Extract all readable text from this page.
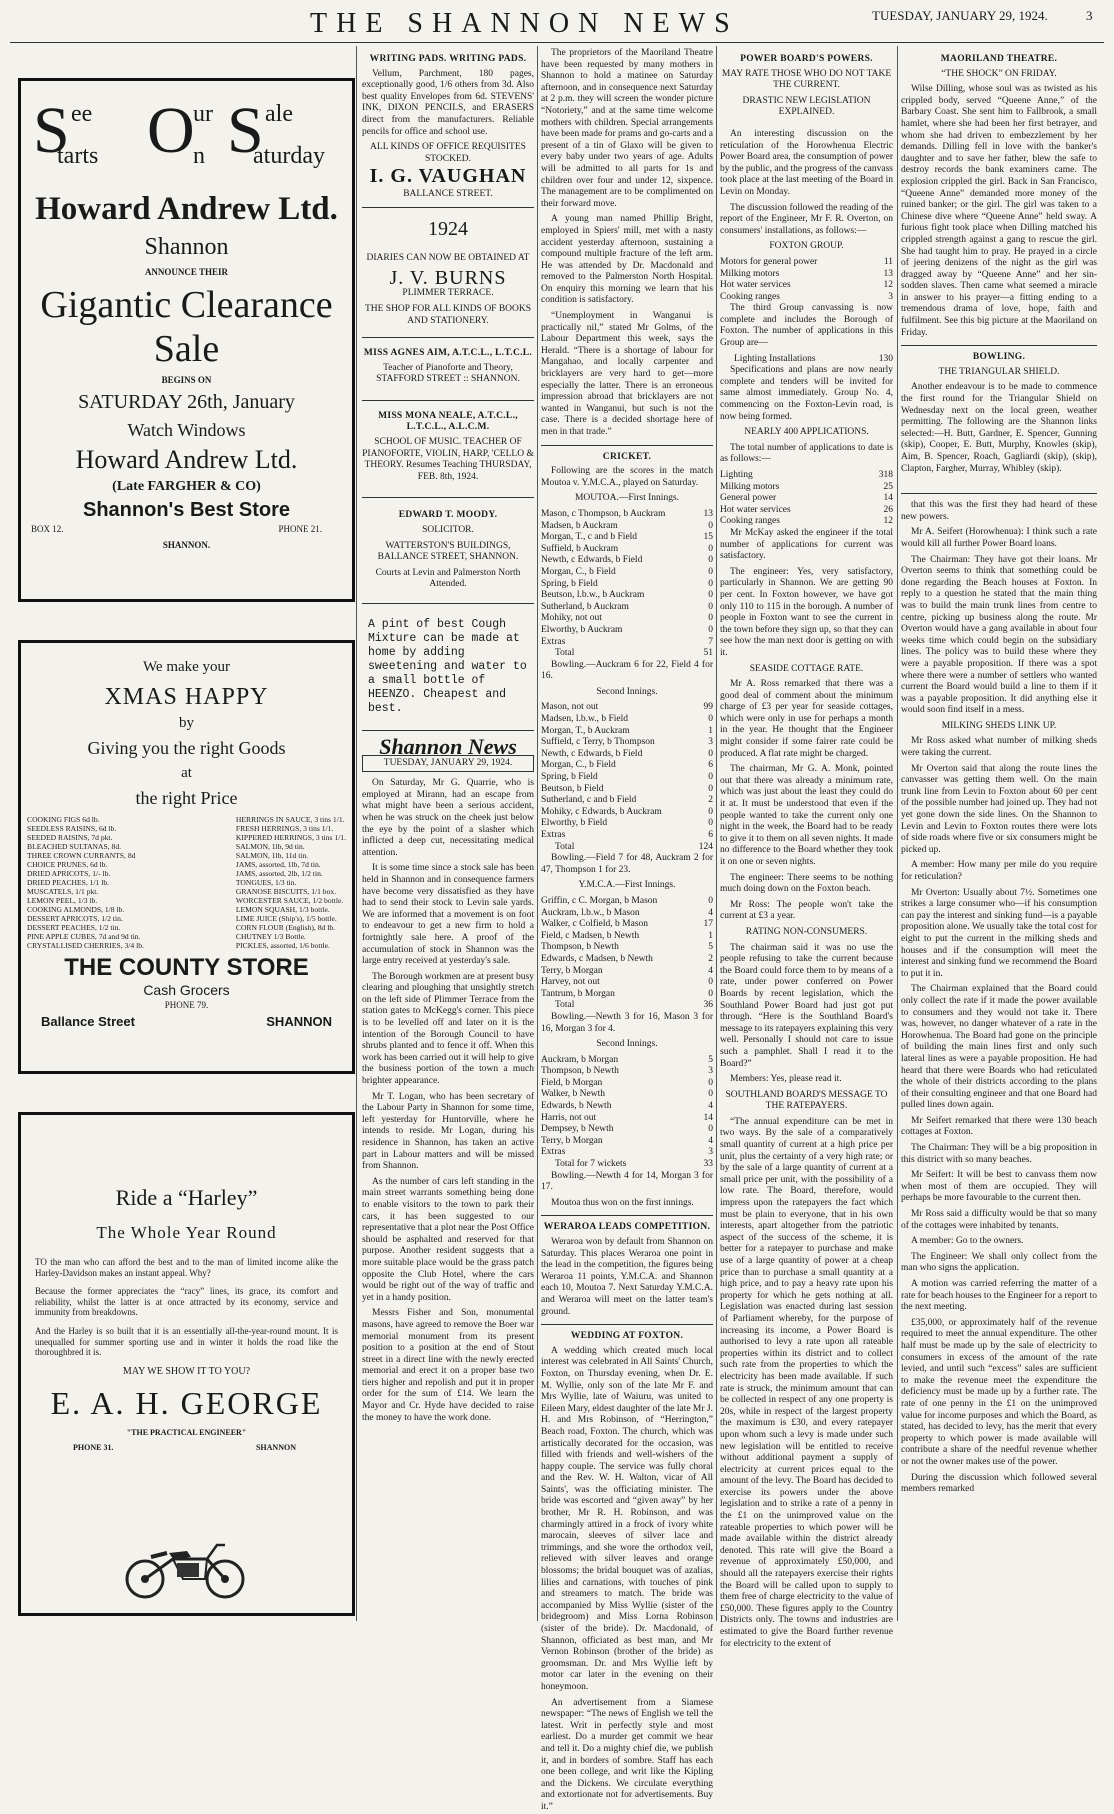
THE SHANNON NEWS	TUESDAY, JANUARY 29, 1924.	3
S ee
tarts O
ur
n S ale
aturday
Howard Andrew Ltd.
Shannon
ANNOUNCE THEIR
Gigantic Clearance
Sale
BEGINS ON
SATURDAY 26th, January
Watch Windows
Howard Andrew Ltd.
(Late FARGHER & CO)
Shannon's Best Store
BOX 12.	PHONE 21.
SHANNON.
We make your
XMAS HAPPY
by
Giving you the right Goods
at
the right Price
COOKING FIGS 6d lb.
SEEDLESS RAISINS, 6d lb.
SEEDED RAISINS, 7d pkt.
BLEACHED SULTANAS, 8d.
THREE CROWN CURRANTS, 8d
CHOICE PRUNES, 6d lb.
DRIED APRICOTS, 1/- lb.
DRIED PEACHES, 1/1 lb.
MUSCATELS, 1/1 pkt.
LEMON PEEL, 1/3 lb.
COOKING ALMONDS, 1/8 lb.
DESSERT APRICOTS, 1/2 tin.
DESSERT PEACHES, 1/2 tin.
PINE APPLE CUBES, 7d and 9d tin.
CRYSTALLISED CHERRIES, 3/4 lb.
HERRINGS IN SAUCE, 3 tins 1/1.
FRESH HERRINGS, 3 tins 1/1.
KIPPERED HERRINGS, 3 tins 1/1.
SALMON, 1lb, 9d tin.
SALMON, 1lb, 11d tin.
JAMS, assorted, 1lb, 7d tin.
JAMS, assorted, 2lb, 1/2 tin.
TONGUES, 1/3 tin.
GRANOSE BISCUITS, 1/1 box.
WORCESTER SAUCE, 1/2 bottle.
LEMON SQUASH, 1/3 bottle.
LIME JUICE (Ship's), 1/5 bottle.
CORN FLOUR (English), 8d lb.
CHUTNEY 1/3 Bottle.
PICKLES, assorted, 1/6 bottle.
THE COUNTY STORE
Cash Grocers
PHONE 79.
Ballance Street	SHANNON
Ride a “Harley”
The Whole Year Round

TO the man who can afford the best and to the man of limited income alike the Harley-Davidson makes an instant appeal. Why?

Because the former appreciates the “racy” lines, its grace, its comfort and reliability, whilst the latter is at once attracted by its economy, service and immunity from breakdowns.

And the Harley is so built that it is an essentially all-the-year-round mount. It is unequalled for summer sporting use and in winter it holds the road like the thoroughbred it is.

MAY WE SHOW IT TO YOU?
E. A. H. GEORGE
"THE PRACTICAL ENGINEER"
PHONE 31.	SHANNON
WRITING PADS. WRITING PADS.

Vellum, Parchment, 180 pages, exceptionally good, 1/6 others from 3d. Also best quality Envelopes from 6d. STEVENS' INK, DIXON PENCILS, and ERASERS direct from the manufacturers. Reliable pencils for office and school use.

ALL KINDS OF OFFICE REQUISITES STOCKED.
I. G. VAUGHAN
BALLANCE STREET.
1924
DIARIES CAN NOW BE OBTAINED AT
J. V. BURNS
PLIMMER TERRACE.
THE SHOP FOR ALL KINDS OF BOOKS AND STATIONERY.
MISS AGNES AIM, A.T.C.L., L.T.C.L.
Teacher of Pianoforte and Theory, STAFFORD STREET :: SHANNON.
MISS MONA NEALE, A.T.C.L., L.T.C.L., A.L.C.M.
SCHOOL OF MUSIC. TEACHER OF PIANOFORTE, VIOLIN, HARP, 'CELLO & THEORY. Resumes Teaching THURSDAY, FEB. 8th, 1924.
EDWARD T. MOODY.
SOLICITOR.
WATTERSTON'S BUILDINGS, BALLANCE STREET, SHANNON.
Courts at Levin and Palmerston North Attended.
A pint of best Cough Mixture can be made at home by adding sweetening and water to a small bottle of HEENZO. Cheapest and best.
Shannon News
TUESDAY, JANUARY 29, 1924.

On Saturday, Mr G. Quarrie, who is employed at Mirann, had an escape from what might have been a serious accident, when he was struck on the cheek just below the eye by the point of a slasher which inflicted a deep cut, necessitating medical attention.

It is some time since a stock sale has been held in Shannon and in consequence farmers have become very dissatisfied as they have had to send their stock to Levin sale yards. We are informed that a movement is on foot to endeavour to get a new firm to hold a fortnightly sale here. A proof of the accumulation of stock in Shannon was the large entry received at yesterday's sale.

The Borough workmen are at present busy clearing and ploughing that unsightly stretch on the left side of Plimmer Terrace from the station gates to McKegg's corner. This piece is to be levelled off and later on it is the intention of the Borough Council to have shrubs planted and to fence it off. When this work has been carried out it will help to give the business portion of the town a much brighter appearance.

Mr T. Logan, who has been secretary of the Labour Party in Shannon for some time, left yesterday for Huntorville, where he intends to reside. Mr Logan, during his residence in Shannon, has taken an active part in Labour matters and will be missed from Shannon.

As the number of cars left standing in the main street warrants something being done to enable visitors to the town to park their cars, it has been suggested to our representative that a plot near the Post Office should be asphalted and reserved for that purpose. Another resident suggests that a more suitable place would be the grass patch opposite the Club Hotel, where the cars would be right out of the way of traffic and yet in a handy position.

Messrs Fisher and Son, monumental masons, have agreed to remove the Boer war memorial monument from its present position to a position at the end of Stout street in a direct line with the newly erected memorial and erect it on a proper base two tiers higher and repolish and put it in proper order for the sum of £14. We learn the Mayor and Cr. Hyde have decided to raise the money to have the work done.

The proprietors of the Maoriland Theatre have been requested by many mothers in Shannon to hold a matinee on Saturday afternoon, and in consequence next Saturday at 2 p.m. they will screen the wonder picture “Notoriety,” and at the same time welcome mothers with children. Special arrangements have been made for prams and go-carts and a present of a tin of Glaxo will be given to every baby under two years of age. Adults will be admitted to all parts for 1s and children over four and under 12, sixpence. The management are to be complimented on their forward move.

A young man named Phillip Bright, employed in Spiers' mill, met with a nasty accident yesterday afternoon, sustaining a compound multiple fracture of the left arm. He was attended by Dr. Macdonald and removed to the Palmerston North Hospital. On enquiry this morning we learn that his condition is satisfactory.

“Unemployment in Wanganui is practically nil,” stated Mr Golms, of the Labour Department this week, says the Herald. “There is a shortage of labour for Mangahao, and locally carpenter and bricklayers are very hard to get—more especially the latter. There is an erroneous impression abroad that bricklayers are not wanted in Wanganui, but such is not the case. There is a decided shortage here of men in that trade.”

CRICKET.

Following are the scores in the match Moutoa v. Y.M.C.A., played on Saturday.

MOUTOA.—First Innings.
Mason, c Thompson, b Auckram	13
Madsen, b Auckram	0
Morgan, T., c and b Field	15
Suffield, b Auckram	0
Newth, c Edwards, b Field	0
Morgan, C., b Field	0
Spring, b Field	0
Beutson, l.b.w., b Auckram	0
Sutherland, b Auckram	0
Mohiky, not out	0
Elworthy, b Auckram	0
Extras	7
Total	51

Bowling.—Auckram 6 for 22, Field 4 for 16.

Second Innings.
Mason, not out	99
Madsen, l.b.w., b Field	0
Morgan, T., b Auckram	1
Suffield, c Terry, b Thompson	3
Newth, c Edwards, b Field	0
Morgan, C., b Field	6
Spring, b Field	0
Beutson, b Field	0
Sutherland, c and b Field	2
Mohiky, c Edwards, b Auckram	0
Elworthy, b Field	0
Extras	6
Total	124

Bowling.—Field 7 for 48, Auckram 2 for 47, Thompson 1 for 23.

Y.M.C.A.—First Innings.
Griffin, c C. Morgan, b Mason	0
Auckram, l.b.w., b Mason	4
Walker, c Colfield, b Mason	17
Field, c Madsen, b Newth	1
Thompson, b Newth	5
Edwards, c Madsen, b Newth	2
Terry, b Morgan	4
Harvey, not out	0
Tantrum, b Morgan	0
Total	36

Bowling.—Newth 3 for 16, Mason 3 for 16, Morgan 3 for 4.

Second Innings.
Auckram, b Morgan	5
Thompson, b Newth	3
Field, b Morgan	0
Walker, b Newth	0
Edwards, b Newth	4
Harris, not out	14
Dempsey, b Newth	0
Terry, b Morgan	4
Extras	3
Total for 7 wickets	33

Bowling.—Newth 4 for 14, Morgan 3 for 17.

Moutoa thus won on the first innings.

WERAROA LEADS COMPETITION.

Weraroa won by default from Shannon on Saturday. This places Weraroa one point in the lead in the competition, the figures being Weraroa 11 points, Y.M.C.A. and Shannon each 10, Moutoa 7. Next Saturday Y.M.C.A. and Weraroa will meet on the latter team's ground.

WEDDING AT FOXTON.

A wedding which created much local interest was celebrated in All Saints' Church, Foxton, on Thursday evening, when Dr. E. M. Wyllie, only son of the late Mr F. and Mrs Wyllie, late of Waiuru, was united to Eileen Mary, eldest daughter of the late Mr J. H. and Mrs Robinson, of “Herrington,” Beach road, Foxton. The church, which was artistically decorated for the occasion, was filled with friends and well-wishers of the happy couple. The service was fully choral and the Rev. W. H. Walton, vicar of All Saints', was the officiating minister. The bride was escorted and “given away” by her brother, Mr R. H. Robinson, and was charmingly attired in a frock of ivory white marocain, sleeves of silver lace and trimmings, and she wore the orthodox veil, relieved with silver leaves and orange blossoms; the bridal bouquet was of azalias, lilies and carnations, with touches of pink and streamers to match. The bride was accompanied by Miss Wyllie (sister of the bridegroom) and Miss Lorna Robinson (sister of the bride). Dr. Macdonald, of Shannon, officiated as best man, and Mr Vernon Robinson (brother of the bride) as groomsman. Dr. and Mrs Wyllie left by motor car later in the evening on their honeymoon.

An advertisement from a Siamese newspaper: “The news of English we tell the latest. Writ in perfectly style and most earliest. Do a murder get commit we hear and tell it. Do a mighty chief die, we publish it, and in borders of sombre. Staff has each one been college, and writ like the Kipling and the Dickens. We circulate everything and extortionate not for advertisements. Buy it.”

POWER BOARD'S POWERS.
MAY RATE THOSE WHO DO NOT TAKE THE CURRENT.
DRASTIC NEW LEGISLATION EXPLAINED.

An interesting discussion on the reticulation of the Horowhenua Electric Power Board area, the consumption of power by the public, and the progress of the canvass took place at the last meeting of the Board in Levin on Monday.

The discussion followed the reading of the report of the Engineer, Mr F. R. Overton, on consumers' installations, as follows:—

FOXTON GROUP.
Motors for general power	11
Milking motors	13
Hot water services	12
Cooking ranges	3

The third Group canvassing is now complete and includes the Borough of Foxton. The number of applications in this Group are—

Lighting Installations	130

Specifications and plans are now nearly complete and tenders will be invited for same almost immediately. Group No. 4, commencing on the Foxton-Levin road, is now being formed.

NEARLY 400 APPLICATIONS.

The total number of applications to date is as follows:—

Lighting	318
Milking motors	25
General power	14
Hot water services	26
Cooking ranges	12

Mr McKay asked the engineer if the total number of applications for current was satisfactory.

The engineer: Yes, very satisfactory, particularly in Shannon. We are getting 90 per cent. In Foxton however, we have got only 110 to 115 in the borough. A number of people in Foxton want to see the current in the town before they sign up, so that they can see how the man next door is getting on with it.

SEASIDE COTTAGE RATE.

Mr A. Ross remarked that there was a good deal of comment about the minimum charge of £3 per year for seaside cottages, which were only in use for perhaps a month in the year. He thought that the Engineer might consider if some fairer rate could be produced. A flat rate might be charged.

The chairman, Mr G. A. Monk, pointed out that there was already a minimum rate, which was just about the least they could do it at. It must be understood that even if the people wanted to take the current only one night in the week, the Board had to be ready to give it to them on all seven nights. It made no difference to the Board whether they took it on one or seven nights.

The engineer: There seems to be nothing much doing down on the Foxton beach.

Mr Ross: The people won't take the current at £3 a year.

RATING NON-CONSUMERS.

The chairman said it was no use the people refusing to take the current because the Board could force them to by means of a rate, under power conferred on Power Boards by recent legislation, which the Southland Power Board had just got put through. “Here is the Southland Board's message to its ratepayers explaining this very well. Personally I should not care to issue such a pamphlet. Shall I read it to the Board?”

Members: Yes, please read it.

SOUTHLAND BOARD'S MESSAGE TO THE RATEPAYERS.

“The annual expenditure can be met in two ways. By the sale of a comparatively small quantity of current at a high price per unit, plus the certainty of a very high rate; or by the sale of a large quantity of current at a small price per unit, with the possibility of a low rate. The Board, therefore, would impress upon the ratepayers the fact which must be plain to everyone, that in his own interests, apart altogether from the patriotic aspect of the success of the scheme, it is better for a ratepayer to purchase and make use of a large quantity of power at a cheap price than to purchase a small quantity at a high price, and to pay a heavy rate upon his property for which he gets nothing at all. Legislation was enacted during last session of Parliament whereby, for the purpose of increasing its income, a Power Board is authorised to levy a rate upon all rateable properties within its district and to collect such rate from the properties to which the electricity has been made available. If such rate is struck, the minimum amount that can be collected in respect of any one property is 20s, while in respect of the largest property the maximum is £30, and every ratepayer upon whom such a levy is made under such new legislation will be entitled to receive without additional payment a supply of electricity at current prices equal to the amount of the levy. The Board has decided to exercise its powers under the above legislation and to strike a rate of a penny in the £1 on the unimproved value on the rateable properties to which power will be made available within the district already denoted. This rate will give the Board a revenue of approximately £50,000, and should all the ratepayers exercise their rights the Board will be called upon to supply to them free of charge electricity to the value of £50,000. These figures apply to the Country Districts only. The towns and industries are estimated to give the Board further revenue for electricity to the extent of

MAORILAND THEATRE.
“THE SHOCK” ON FRIDAY.

Wilse Dilling, whose soul was as twisted as his crippled body, served “Queene Anne,” of the Barbary Coast. She sent him to Fallbrook, a small hamlet, where she had been her first betrayer, and whom she had driven to embezzlement by her demands. Dilling fell in love with the banker's daughter and to save her father, blew the safe to destroy records the bank examiners came. The explosion crippled the girl. Back in San Francisco, “Queene Anne” demanded more money of the ruined banker; or the girl. The girl was taken to a Chinese dive where “Queene Anne” held sway. A furious fight took place when Dilling matched his crippled strength against a gang to rescue the girl. She had taught him to pray. He prayed in a circle of jeering denizens of the night as the girl was dragged away by “Queene Anne” and her sin-sodden slaves. Then came what seemed a miracle in answer to his prayer—a fitting ending to a tremendous drama of love, hope, faith and fulfilment. See this big picture at the Maoriland on Friday.

BOWLING.
THE TRIANGULAR SHIELD.

Another endeavour is to be made to commence the first round for the Triangular Shield on Wednesday next on the local green, weather permitting. The following are the Shannon links selected:—H. Butt, Gardner, E. Spencer, Gunning (skip), Cooper, E. Butt, Murphy, Knowles (skip), Aim, B. Spencer, Roach, Gagliardi (skip), (skip), Clapton, Fargher, Murray, Whibley (skip).

that this was the first they had heard of these new powers.

Mr A. Seifert (Horowhenua): I think such a rate would kill all further Power Board loans.

The Chairman: They have got their loans. Mr Overton seems to think that something could be done regarding the Beach houses at Foxton. In reply to a question he stated that the main thing was to build the main trunk lines from centre to centre, picking up business along the route. Mr Overton would have a gang available in about four weeks time which could begin on the subsidiary lines. The policy was to build these where they were a payable proposition. If there was a spot where there were a number of settlers who wanted current the Board would build a line to them if it was a payable proposition. It did anything else it would soon find itself in a mess.

MILKING SHEDS LINK UP.

Mr Ross asked what number of milking sheds were taking the current.

Mr Overton said that along the route lines the canvasser was getting them well. On the main trunk line from Levin to Foxton about 60 per cent of the possible number had joined up. They had not yet gone down the side lines. On the Shannon to Levin and Levin to Foxton routes there were lots of side roads where five or six consumers might be picked up.

A member: How many per mile do you require for reticulation?

Mr Overton: Usually about 7½. Sometimes one strikes a large consumer who—if his consumption can pay the interest and sinking fund—is a payable proposition alone. We usually take the total cost for eight to put the current in the milking sheds and houses and if the consumption will meet the interest and sinking fund we recommend the Board to put it in.

The Chairman explained that the Board could only collect the rate if it made the power available to consumers and they would not take it. There was, however, no danger whatever of a rate in the Horowhenua. The Board had gone on the principle of building the main lines first and only such lateral lines as were a payable proposition. He had heard that there were Boards who had reticulated the whole of their districts according to the plans of their consulting engineer and that one Board had pulled lines down again.

Mr Seifert remarked that there were 130 beach cottages at Foxton.

The Chairman: They will be a big proposition in this district with so many beaches.

Mr Seifert: It will be best to canvass them now when most of them are occupied. They will perhaps be more favourable to the current then.

Mr Ross said a difficulty would be that so many of the cottages were inhabited by tenants.

A member: Go to the owners.

The Engineer: We shall only collect from the man who signs the application.

A motion was carried referring the matter of a rate for beach houses to the Engineer for a report to the next meeting.

£35,000, or approximately half of the revenue required to meet the annual expenditure. The other half must be made up by the sale of electricity to consumers in excess of the amount of the rate levied, and until such “excess” sales are sufficient to make the revenue meet the expenditure the deficiency must be made up by a further rate. The rate of one penny in the £1 on the unimproved value for income purposes and which the Board, as stated, has decided to levy, has the merit that every property to which power is made available will contribute a share of the needful revenue whether or not the owner makes use of the power.

During the discussion which followed several members remarked
